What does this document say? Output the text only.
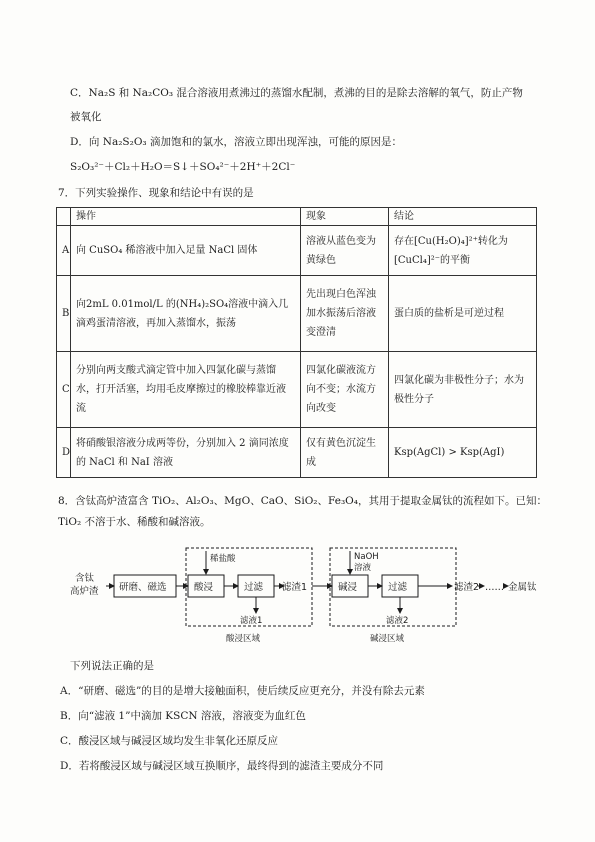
C．Na₂S 和 Na₂CO₃ 混合溶液用煮沸过的蒸馏水配制，煮沸的目的是除去溶解的氧气，防止产物
被氧化
D．向 Na₂S₂O₃ 滴加饱和的氯水，溶液立即出现浑浊，可能的原因是：
S₂O₃²⁻＋Cl₂＋H₂O＝S↓＋SO₄²⁻＋2H⁺＋2Cl⁻
7．下列实验操作、现象和结论中有误的是
	操作	现象	结论
A	向 CuSO₄ 稀溶液中加入足量 NaCl 固体	溶液从蓝色变为黄绿色	存在[Cu(H₂O)₄]²⁺转化为[CuCl₄]²⁻的平衡
B	向2mL 0.01mol/L 的(NH₄)₂SO₄溶液中滴入几滴鸡蛋清溶液，再加入蒸馏水，振荡	先出现白色浑浊加水振荡后溶液变澄清	蛋白质的盐析是可逆过程
C	分别向两支酸式滴定管中加入四氯化碳与蒸馏水，打开活塞，均用毛皮摩擦过的橡胶棒靠近液流	四氯化碳液流方向不变；水流方向改变	四氯化碳为非极性分子；水为极性分子
D	将硝酸银溶液分成两等份，分别加入 2 滴同浓度的 NaCl 和 NaI 溶液	仅有黄色沉淀生成	Ksp(AgCl) > Ksp(AgI)
8．含钛高炉渣富含 TiO₂、Al₂O₃、MgO、CaO、SiO₂、Fe₃O₄，其用于提取金属钛的流程如下。已知：
TiO₂ 不溶于水、稀酸和碱溶液。
含钛
高炉渣 研磨、磁选
稀盐酸
酸浸	过滤
滤液1
滤渣1
酸浸区域
NaOH
溶液
碱浸	过滤
滤液2
碱浸区域
滤渣2 …… 金属钛
下列说法正确的是
A．“研磨、磁选”的目的是增大接触面积，使后续反应更充分，并没有除去元素
B．向“滤液 1”中滴加 KSCN 溶液，溶液变为血红色
C．酸浸区域与碱浸区域均发生非氧化还原反应
D．若将酸浸区域与碱浸区域互换顺序，最终得到的滤渣主要成分不同
